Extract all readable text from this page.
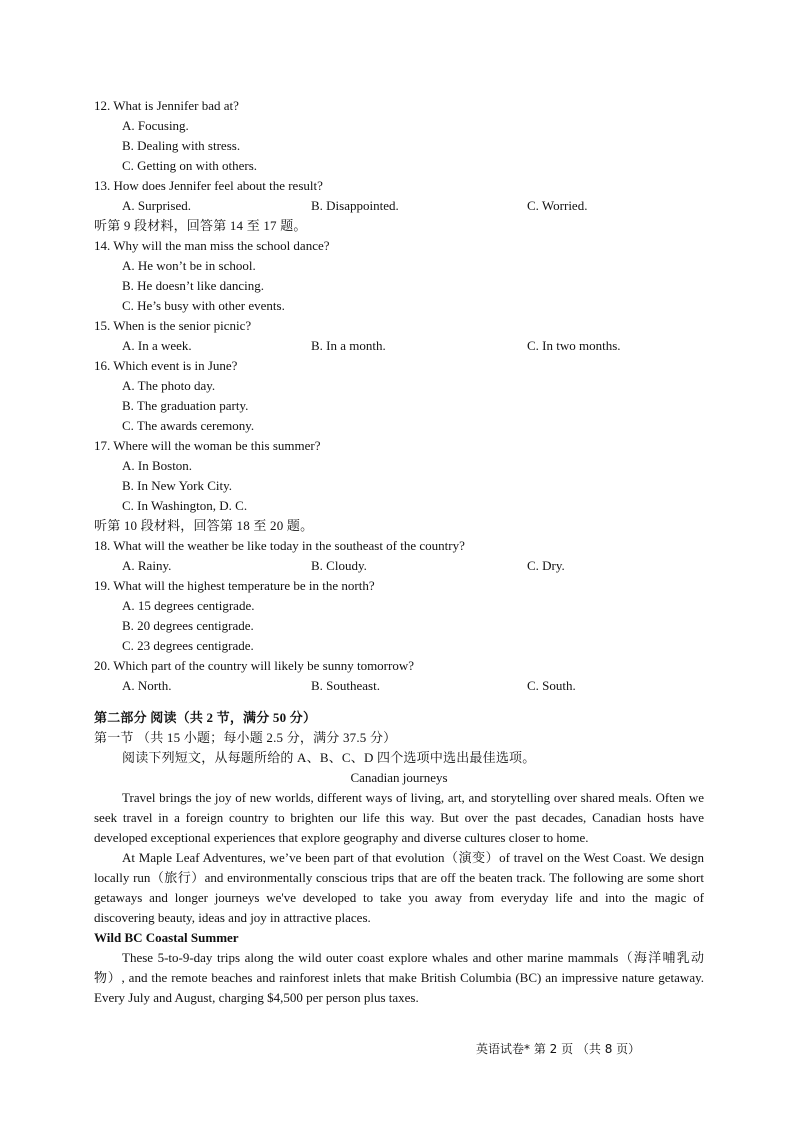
12. What is Jennifer bad at?
A. Focusing.
B. Dealing with stress.
C. Getting on with others.
13. How does Jennifer feel about the result?
A. Surprised.	B. Disappointed.	C. Worried.
听第 9 段材料，回答第 14 至 17 题。
14. Why will the man miss the school dance?
A. He won’t be in school.
B. He doesn’t like dancing.
C. He’s busy with other events.
15. When is the senior picnic?
A. In a week.	B. In a month.	C. In two months.
16. Which event is in June?
A. The photo day.
B. The graduation party.
C. The awards ceremony.
17. Where will the woman be this summer?
A. In Boston.
B. In New York City.
C. In Washington, D. C.
听第 10 段材料，回答第 18 至 20 题。
18. What will the weather be like today in the southeast of the country?
A. Rainy.	B. Cloudy.	C. Dry.
19. What will the highest temperature be in the north?
A. 15 degrees centigrade.
B. 20 degrees centigrade.
C. 23 degrees centigrade.
20. Which part of the country will likely be sunny tomorrow?
A. North.	B. Southeast.	C. South.
第二部分 阅读（共 2 节，满分 50 分）
第一节 （共 15 小题；每小题 2.5 分，满分 37.5 分）
阅读下列短文，从每题所给的 A、B、C、D 四个选项中选出最佳选项。
Canadian journeys

Travel brings the joy of new worlds, different ways of living, art, and storytelling over shared meals. Often we seek travel in a foreign country to brighten our life this way. But over the past decades, Canadian hosts have developed exceptional experiences that explore geography and diverse cultures closer to home.

At Maple Leaf Adventures, we’ve been part of that evolution（演变）of travel on the West Coast. We design locally run（旅行）and environmentally conscious trips that are off the beaten track. The following are some short getaways and longer journeys we've developed to take you away from everyday life and into the magic of discovering beauty, ideas and joy in attractive places.

Wild BC Coastal Summer

These 5-to-9-day trips along the wild outer coast explore whales and other marine mammals（海洋哺乳动物）, and the remote beaches and rainforest inlets that make British Columbia (BC) an impressive nature getaway. Every July and August, charging $4,500 per person plus taxes.

英语试卷* 第 2 页 （共 8 页）
